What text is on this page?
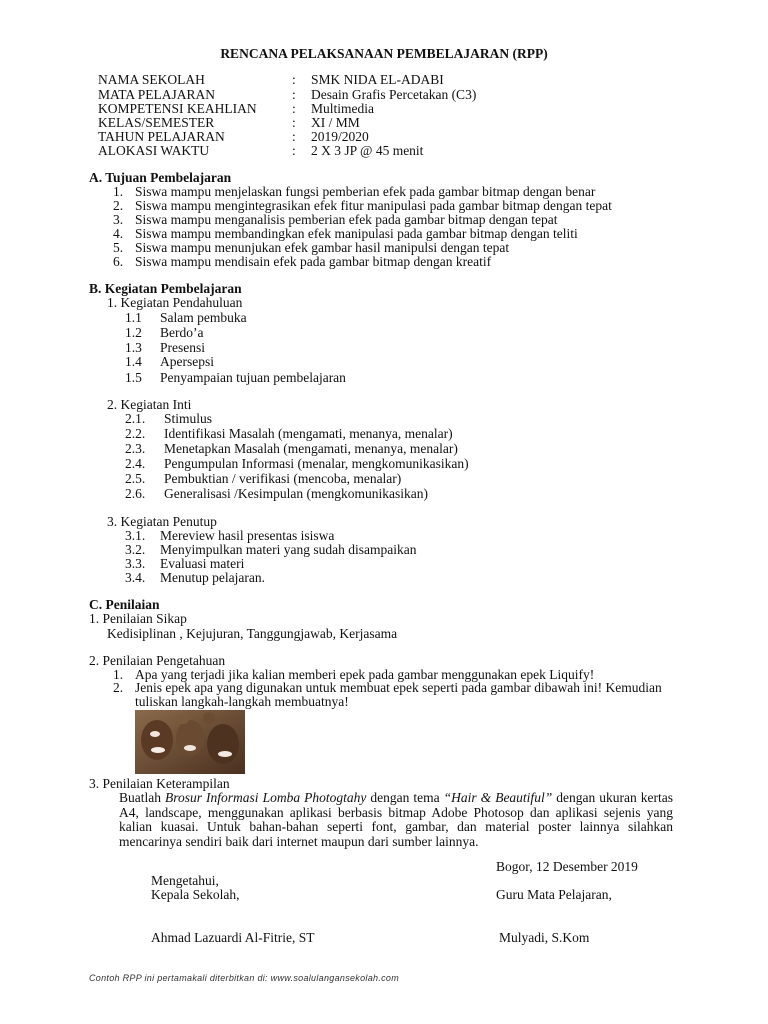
RENCANA PELAKSANAAN PEMBELAJARAN (RPP)
NAMA SEKOLAH	: SMK NIDA EL-ADABI
MATA PELAJARAN	: Desain Grafis Percetakan (C3)
KOMPETENSI KEAHLIAN	: Multimedia
KELAS/SEMESTER	: XI / MM
TAHUN PELAJARAN	: 2019/2020
ALOKASI WAKTU	: 2 X 3 JP @ 45 menit
A. Tujuan Pembelajaran
1. Siswa mampu menjelaskan fungsi pemberian efek pada gambar bitmap dengan benar
2. Siswa mampu mengintegrasikan efek fitur manipulasi pada gambar bitmap dengan tepat
3. Siswa mampu menganalisis pemberian efek pada gambar bitmap dengan tepat
4. Siswa mampu membandingkan efek manipulasi pada gambar bitmap dengan teliti
5. Siswa mampu menunjukan efek gambar hasil manipulsi dengan tepat
6. Siswa mampu mendisain efek pada gambar bitmap dengan kreatif
B. Kegiatan Pembelajaran
1. Kegiatan Pendahuluan
1.1 Salam pembuka
1.2 Berdo’a
1.3 Presensi
1.4 Apersepsi
1.5 Penyampaian tujuan pembelajaran
2. Kegiatan Inti
2.1. Stimulus
2.2. Identifikasi Masalah (mengamati, menanya, menalar)
2.3. Menetapkan Masalah (mengamati, menanya, menalar)
2.4. Pengumpulan Informasi (menalar, mengkomunikasikan)
2.5. Pembuktian / verifikasi (mencoba, menalar)
2.6. Generalisasi /Kesimpulan (mengkomunikasikan)
3. Kegiatan Penutup
3.1. Mereview hasil presentas isiswa
3.2. Menyimpulkan materi yang sudah disampaikan
3.3. Evaluasi materi
3.4. Menutup pelajaran.
C. Penilaian
1. Penilaian Sikap
Kedisiplinan , Kejujuran, Tanggungjawab, Kerjasama
2. Penilaian Pengetahuan
1. Apa yang terjadi jika kalian memberi epek pada gambar menggunakan epek Liquify!
2. Jenis epek apa yang digunakan untuk membuat epek seperti pada gambar dibawah ini! Kemudian
tuliskan langkah-langkah membuatnya!
3. Penilaian Keterampilan
Buatlah Brosur Informasi Lomba Photogtahy dengan tema “Hair & Beautiful” dengan ukuran kertas A4, landscape, menggunakan aplikasi berbasis bitmap Adobe Photosop dan aplikasi sejenis yang kalian kuasai. Untuk bahan-bahan seperti font, gambar, dan material poster lainnya silahkan mencarinya sendiri baik dari internet maupun dari sumber lainnya.
Bogor, 12 Desember 2019
Mengetahui,
Kepala Sekolah,	Guru Mata Pelajaran,
Ahmad Lazuardi Al-Fitrie, ST	Mulyadi, S.Kom
Contoh RPP ini pertamakali diterbitkan di: www.soalulangansekolah.com
